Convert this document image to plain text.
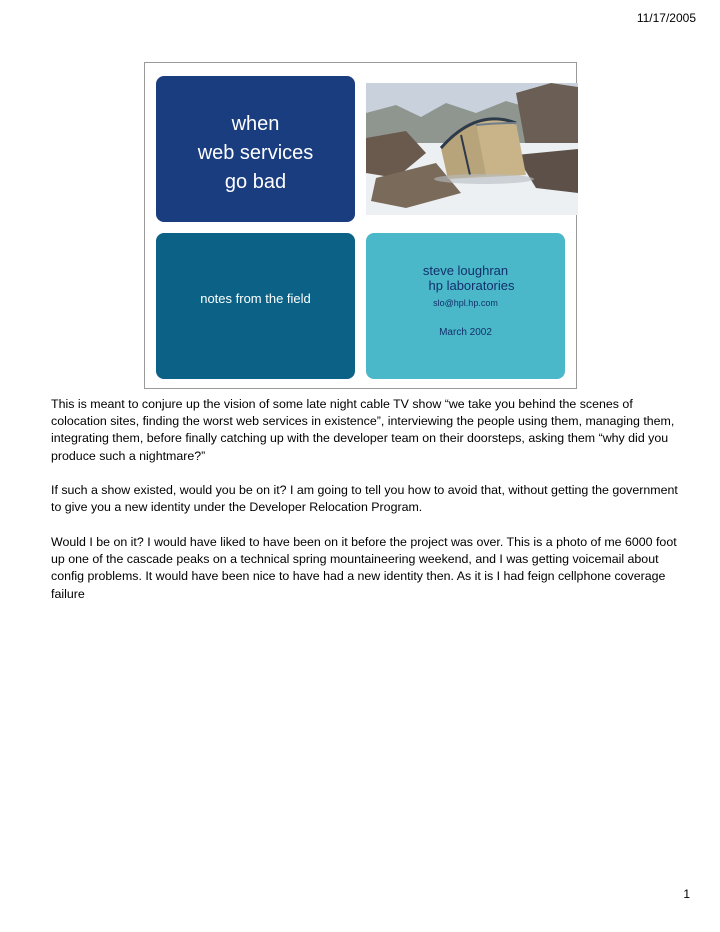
11/17/2005
when
web services
go bad
notes from the field
steve loughran
hp laboratories
slo@hpl.hp.com
March 2002

This is meant to conjure up the vision of some late night cable TV show “we take you behind the scenes of colocation sites, finding the worst web services in existence”, interviewing the people using them, managing them, integrating them, before finally catching up with the developer team on their doorsteps, asking them “why did you produce such a nightmare?”

If such a show existed, would you be on it? I am going to tell you how to avoid that, without getting the government to give you a new identity under the Developer Relocation Program.

Would I be on it? I would have liked to have been on it before the project was over. This is a photo of me 6000 foot up one of the cascade peaks on a technical spring mountaineering weekend, and I was getting voicemail about config problems. It would have been nice to have had a new identity then. As it is I had feign cellphone coverage failure

1
